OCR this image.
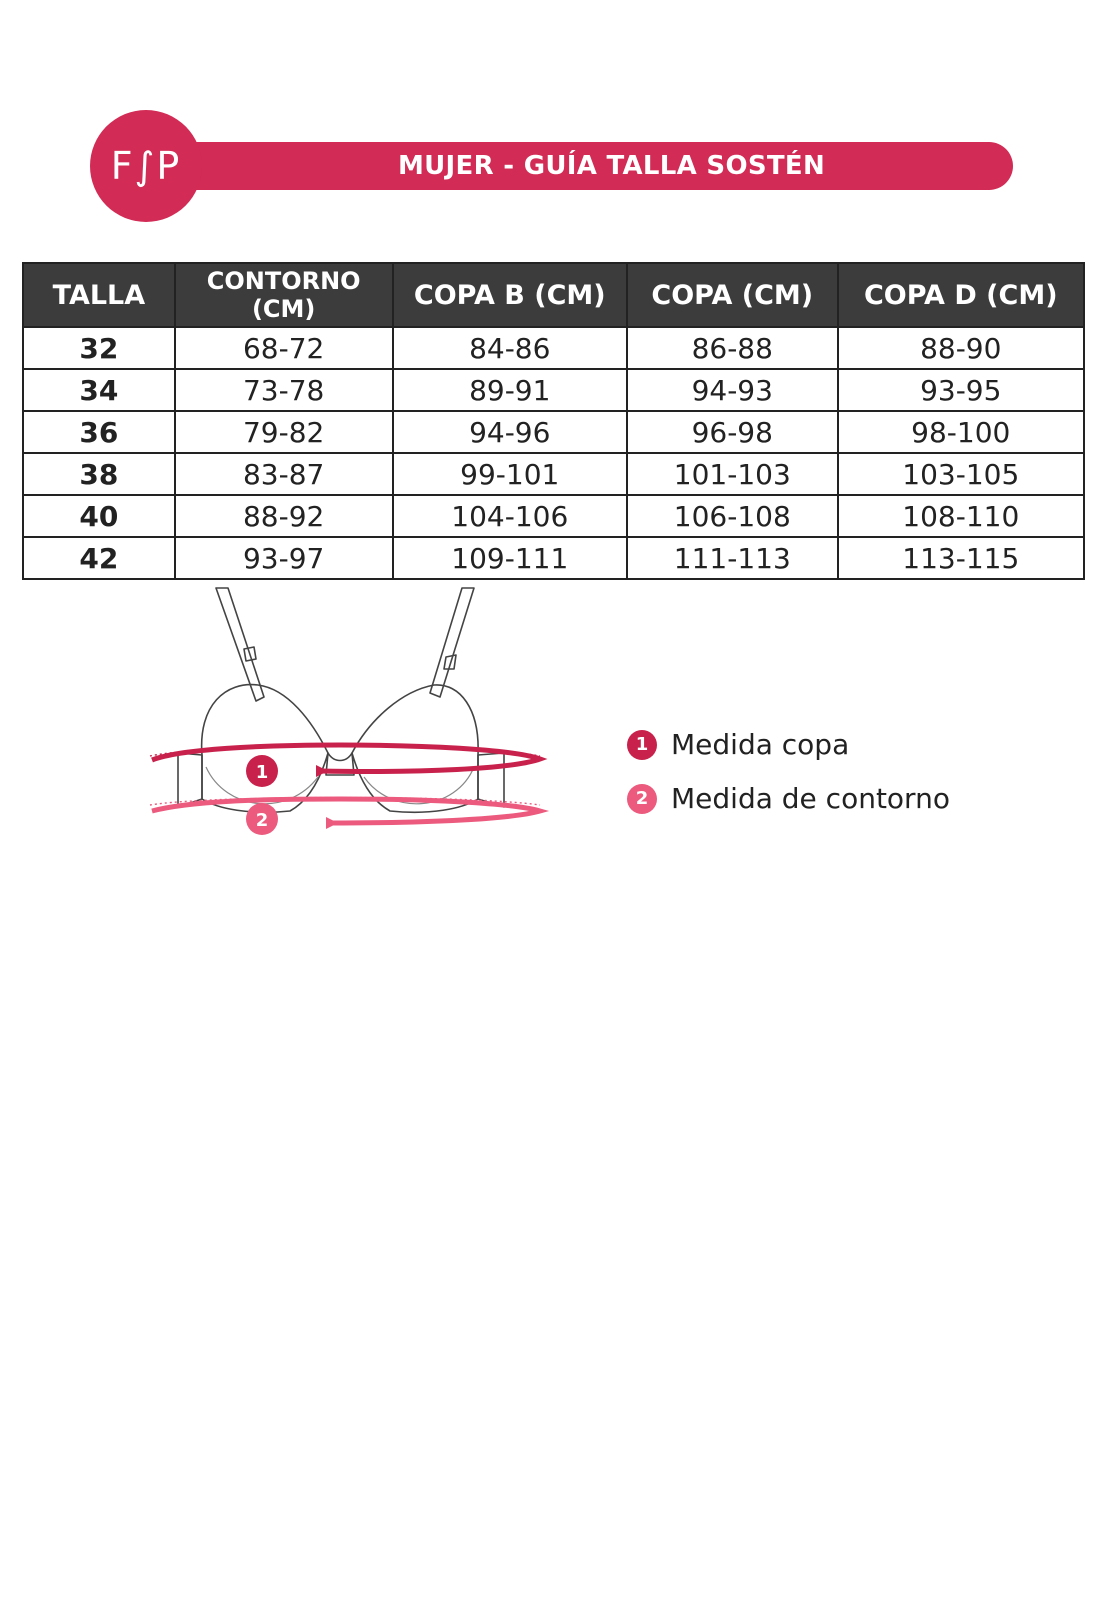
MUJER - GUÍA TALLA SOSTÉN
F∫P
TALLA	CONTORNO (CM)	COPA B (CM)	COPA (CM)	COPA D (CM)
32	68-72	84-86	86-88	88-90
34	73-78	89-91	94-93	93-95
36	79-82	94-96	96-98	98-100
38	83-87	99-101	101-103	103-105
40	88-92	104-106	106-108	108-110
42	93-97	109-111	111-113	113-115
1
2
1 Medida copa
2 Medida de contorno
